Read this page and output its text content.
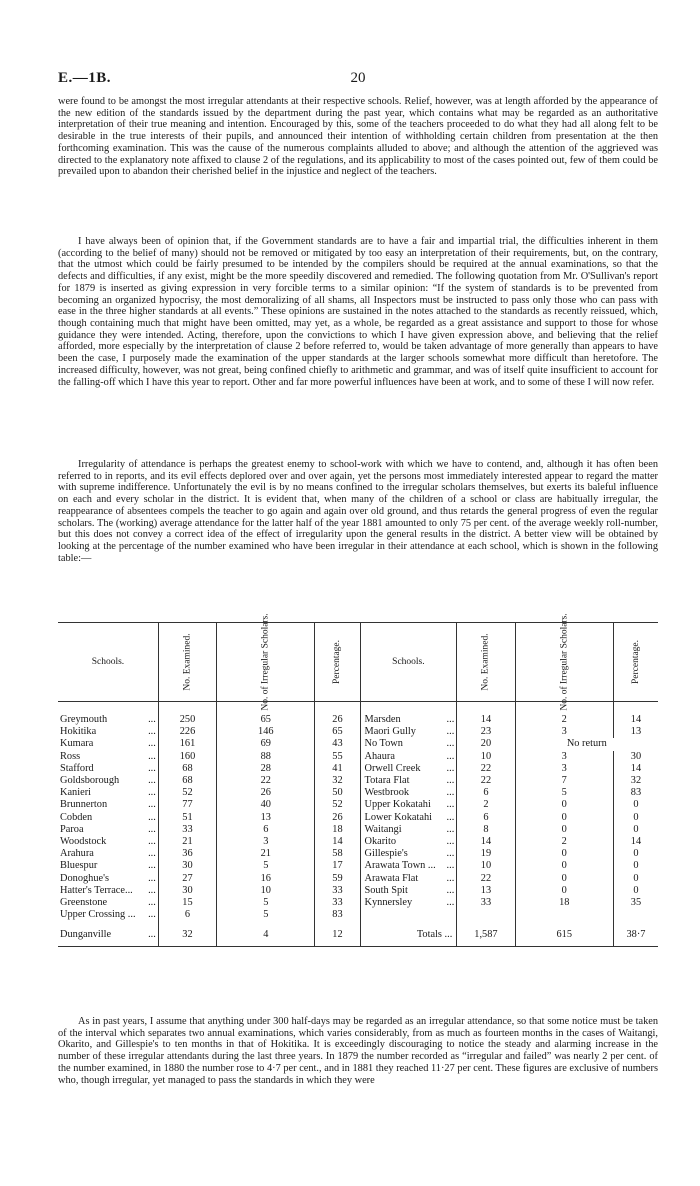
E.—1B.	20

were found to be amongst the most irregular attendants at their respective schools. Relief, however, was at length afforded by the appearance of the new edition of the standards issued by the department during the past year, which contains what may be regarded as an authoritative interpretation of their true meaning and intention. Encouraged by this, some of the teachers proceeded to do what they had all along felt to be desirable in the true interests of their pupils, and announced their intention of withholding certain children from presentation at the then forthcoming examination. This was the cause of the numerous complaints alluded to above; and although the attention of the aggrieved was directed to the explanatory note affixed to clause 2 of the regulations, and its applicability to most of the cases pointed out, few of them could be prevailed upon to abandon their cherished belief in the injustice and neglect of the teachers.

I have always been of opinion that, if the Government standards are to have a fair and impartial trial, the difficulties inherent in them (according to the belief of many) should not be removed or mitigated by too easy an interpretation of their requirements, but, on the contrary, that the utmost which could be fairly presumed to be intended by the compilers should be required at the annual examinations, so that the defects and difficulties, if any exist, might be the more speedily discovered and remedied. The following quotation from Mr. O'Sullivan's report for 1879 is inserted as giving expression in very forcible terms to a similar opinion: “If the system of standards is to be prevented from becoming an organized hypocrisy, the most demoralizing of all shams, all Inspectors must be instructed to pass only those who can pass with ease in the three higher standards at all events.” These opinions are sustained in the notes attached to the standards as recently reissued, which, though containing much that might have been omitted, may yet, as a whole, be regarded as a great assistance and support to those for whose guidance they were intended. Acting, therefore, upon the convictions to which I have given expression above, and believing that the relief afforded, more especially by the interpretation of clause 2 before referred to, would be taken advantage of more generally than appears to have been the case, I purposely made the examination of the upper standards at the larger schools somewhat more difficult than heretofore. The increased difficulty, however, was not great, being confined chiefly to arithmetic and grammar, and was of itself quite insufficient to account for the falling-off which I have this year to report. Other and far more powerful influences have been at work, and to some of these I will now refer.

Irregularity of attendance is perhaps the greatest enemy to school-work with which we have to contend, and, although it has often been referred to in reports, and its evil effects deplored over and over again, yet the persons most immediately interested appear to regard the matter with supreme indifference. Unfortunately the evil is by no means confined to the irregular scholars themselves, but exerts its baleful influence on each and every scholar in the district. It is evident that, when many of the children of a school or class are habitually irregular, the reappearance of absentees compels the teacher to go again and again over old ground, and thus retards the general progress of even the regular scholars. The (working) average attendance for the latter half of the year 1881 amounted to only 75 per cent. of the average weekly roll-number, but this does not convey a correct idea of the effect of irregularity upon the general results in the district. A better view will be obtained by looking at the percentage of the number examined who have been irregular in their attendance at each school, which is shown in the following table:—

Schools.		No. Examined.	No. of Irregular Scholars.	Percentage.	Schools.		No. Examined.	No. of Irregular Scholars.	Percentage.
Greymouth	...	250	65	26	Marsden	...	14	2	14
Hokitika	...	226	146	65	Maori Gully	...	23	3	13
Kumara	...	161	69	43	No Town	...	20	No return	
Ross	...	160	88	55	Ahaura	...	10	3	30
Stafford	...	68	28	41	Orwell Creek	...	22	3	14
Goldsborough	...	68	22	32	Totara Flat	...	22	7	32
Kanieri	...	52	26	50	Westbrook	...	6	5	83
Brunnerton	...	77	40	52	Upper Kokatahi	...	2	0	0
Cobden	...	51	13	26	Lower Kokatahi	...	6	0	0
Paroa	...	33	6	18	Waitangi	...	8	0	0
Woodstock	...	21	3	14	Okarito	...	14	2	14
Arahura	...	36	21	58	Gillespie's	...	19	0	0
Bluespur	...	30	5	17	Arawata Town ...	...	10	0	0
Donoghue's	...	27	16	59	Arawata Flat	...	22	0	0
Hatter's Terrace...	...	30	10	33	South Spit	...	13	0	0
Greenstone	...	15	5	33	Kynnersley	...	33	18	35
Upper Crossing ...	...	6	5	83					
Dunganville	...	32	4	12	Totals ...		1,587	615	38·7

As in past years, I assume that anything under 300 half-days may be regarded as an irregular attendance, so that some notice must be taken of the interval which separates two annual examinations, which varies considerably, from as much as fourteen months in the cases of Waitangi, Okarito, and Gillespie's to ten months in that of Hokitika. It is exceedingly discouraging to notice the steady and alarming increase in the number of these irregular attendants during the last three years. In 1879 the number recorded as “irregular and failed” was nearly 2 per cent. of the number examined, in 1880 the number rose to 4·7 per cent., and in 1881 they reached 11·27 per cent. These figures are exclusive of numbers who, though irregular, yet managed to pass the standards in which they were
